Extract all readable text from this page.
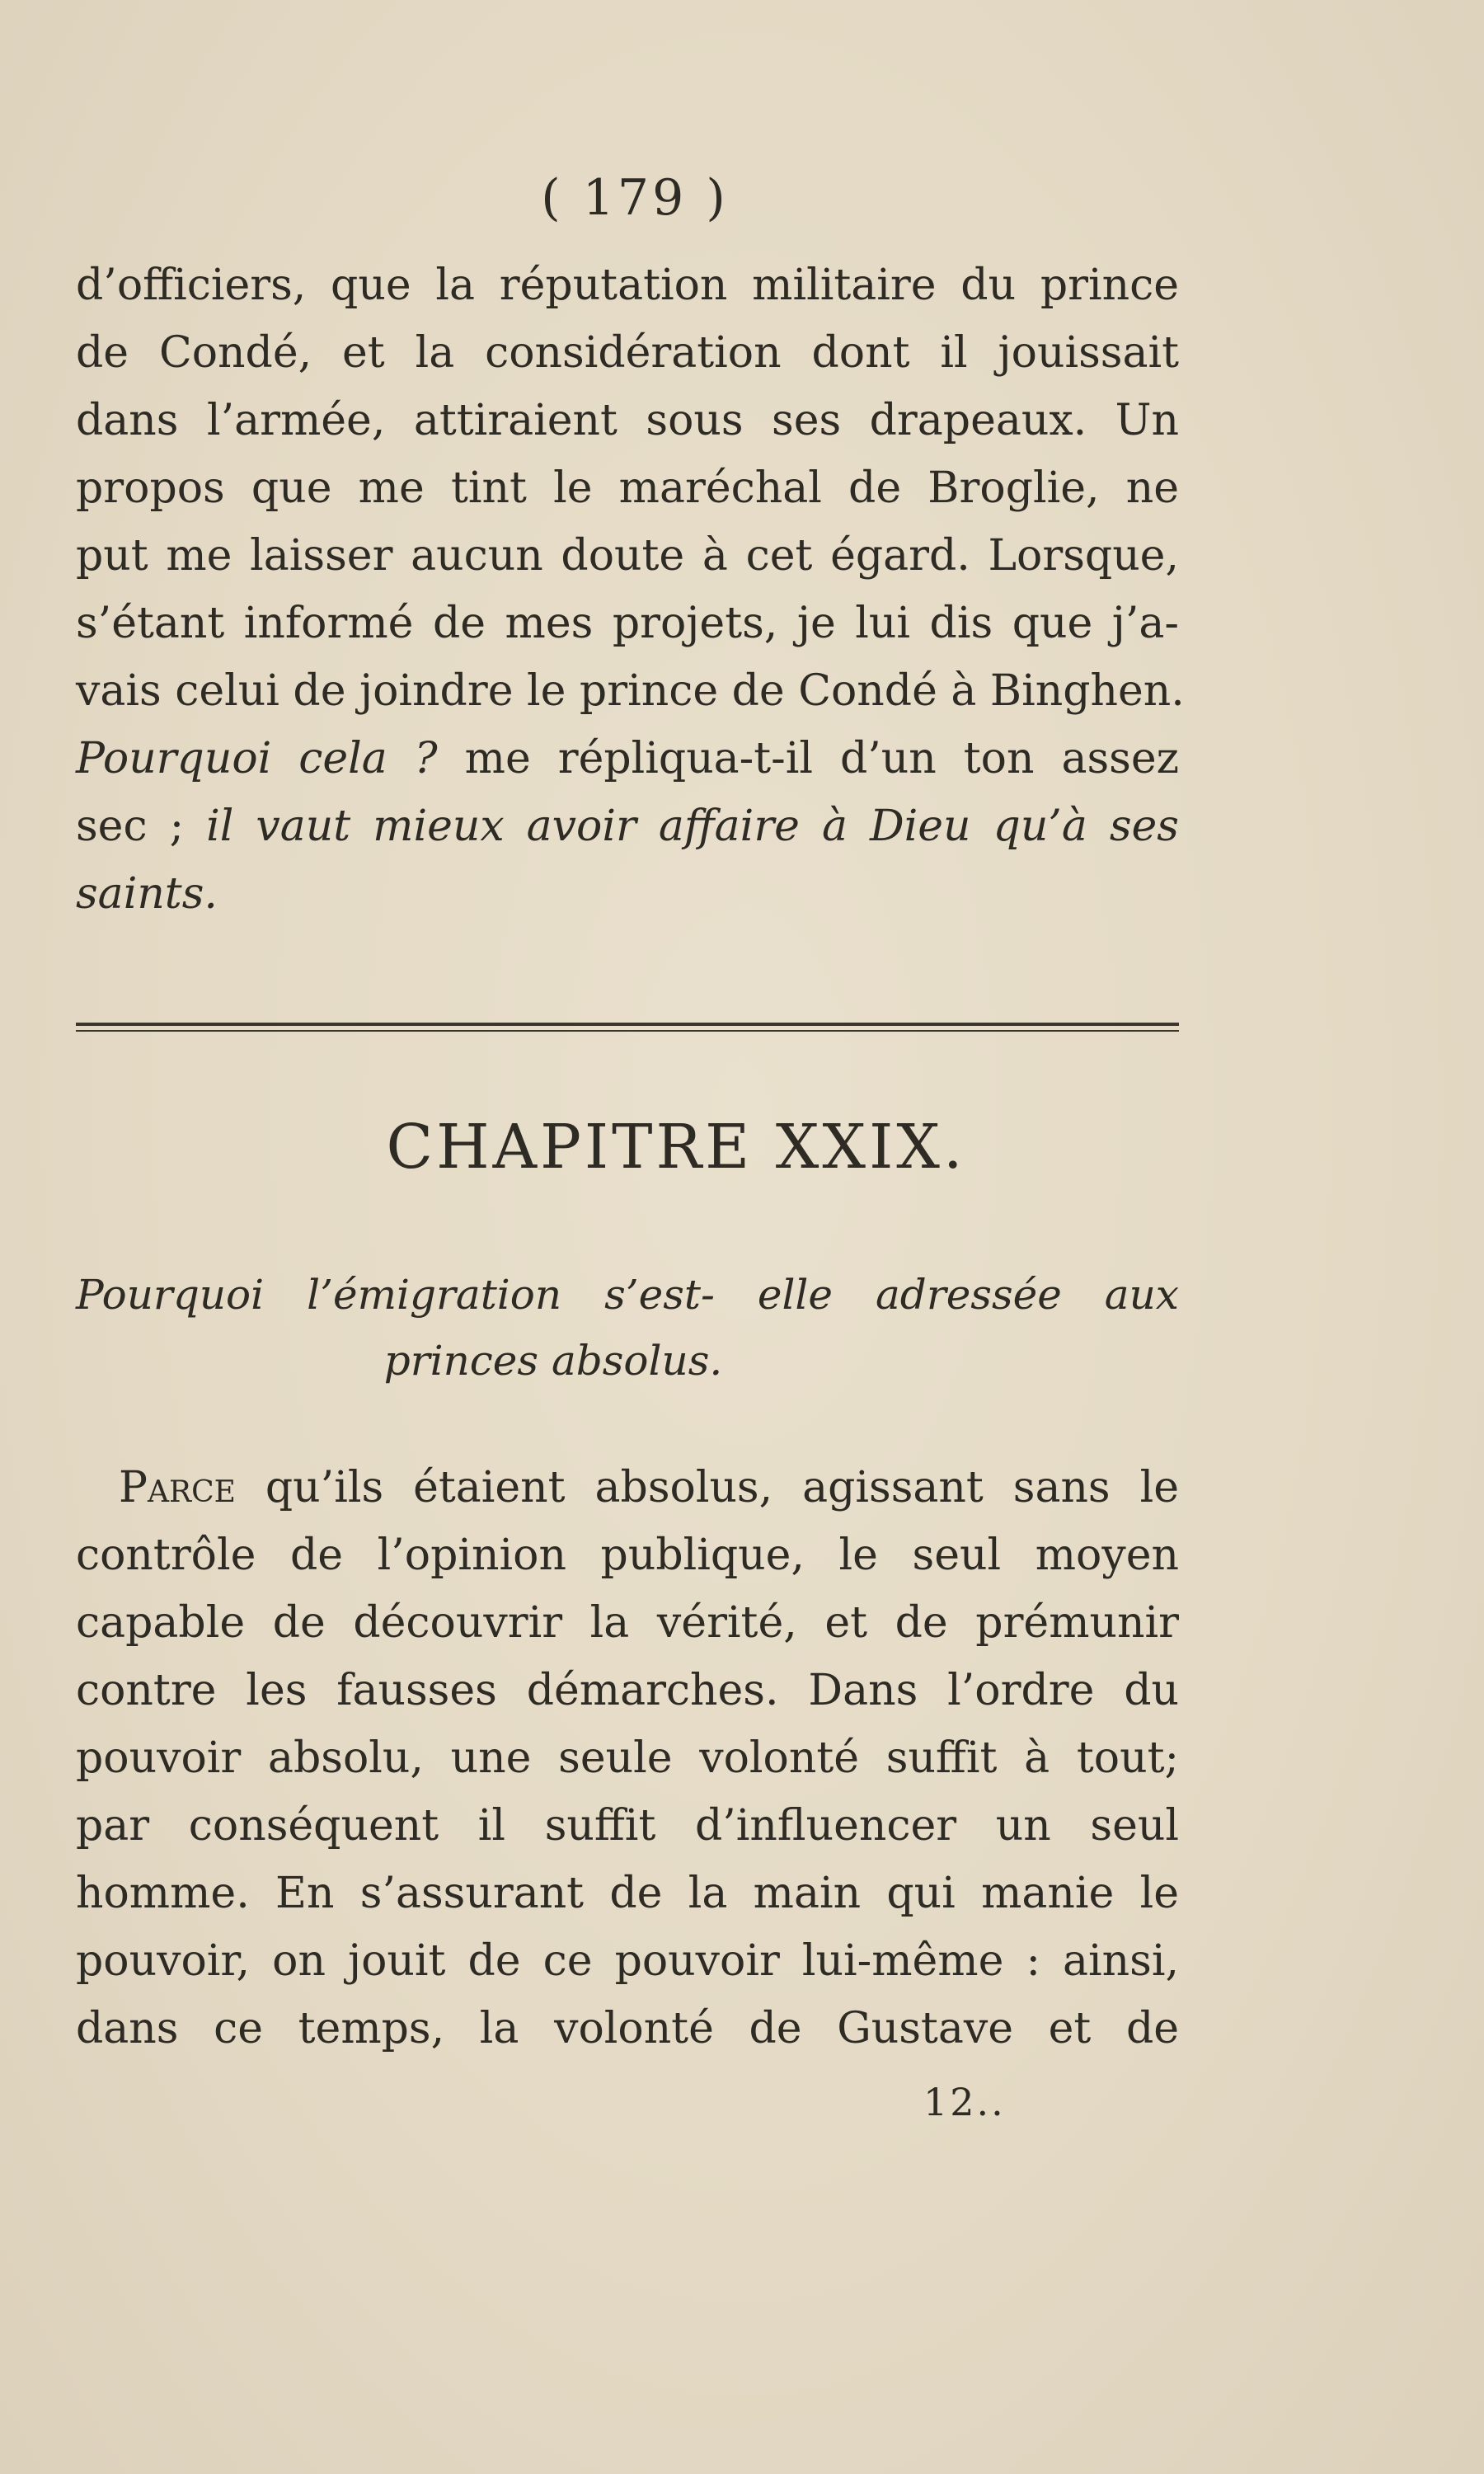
( 179 )
d’officiers, que la réputation militaire du prince
de Condé, et la considération dont il jouissait
dans l’armée, attiraient sous ses drapeaux. Un
propos que me tint le maréchal de Broglie, ne
put me laisser aucun doute à cet égard. Lorsque,
s’étant informé de mes projets, je lui dis que j’a-
vais celui de joindre le prince de Condé à Binghen.
Pourquoi cela ? me répliqua-t-il d’un ton assez
sec ; il vaut mieux avoir affaire à Dieu qu’à ses
saints.
CHAPITRE XXIX.
Pourquoi l’émigration s’est- elle adressée aux
princes absolus.
Parce qu’ils étaient absolus, agissant sans le
contrôle de l’opinion publique, le seul moyen
capable de découvrir la vérité, et de prémunir
contre les fausses démarches. Dans l’ordre du
pouvoir absolu, une seule volonté suffit à tout;
par conséquent il suffit d’influencer un seul
homme. En s’assurant de la main qui manie le
pouvoir, on jouit de ce pouvoir lui-même : ainsi,
dans ce temps, la volonté de Gustave et de
12..
